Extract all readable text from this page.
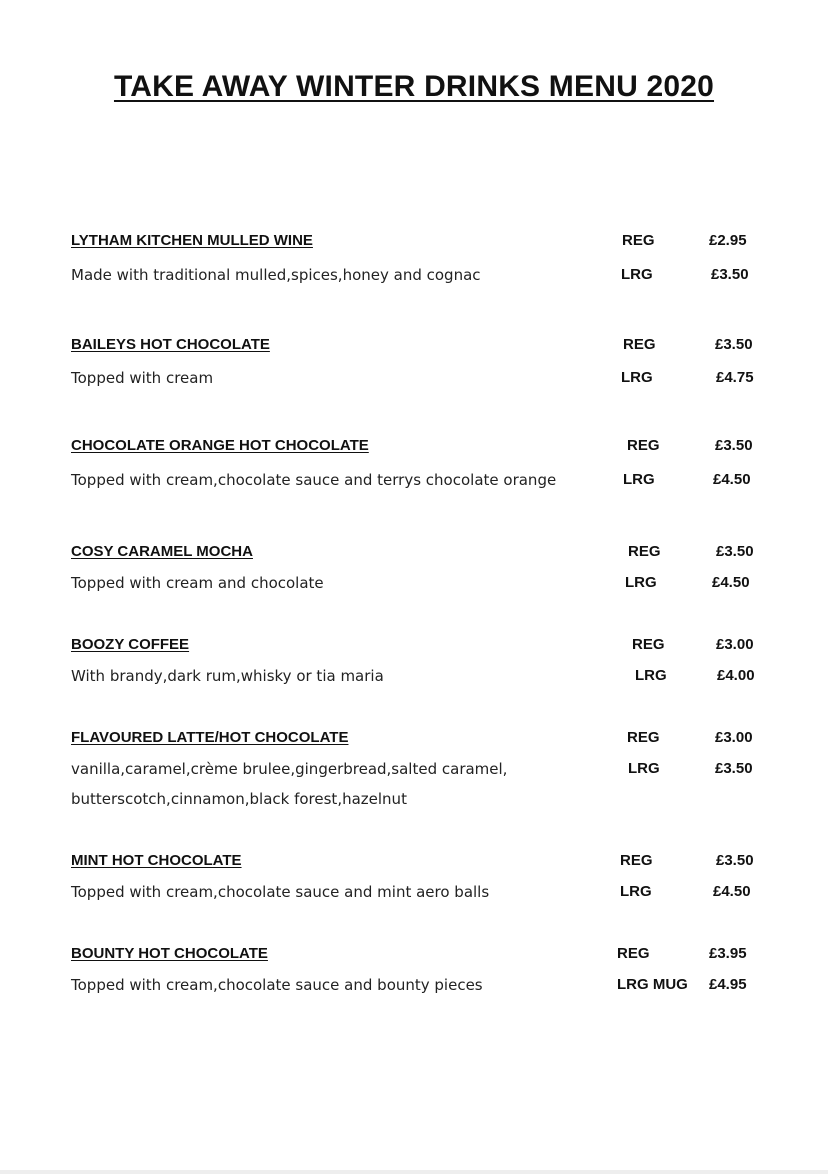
TAKE AWAY WINTER DRINKS MENU 2020
LYTHAM KITCHEN MULLED WINE	REG	£2.95
Made with traditional mulled,spices,honey and cognac	LRG	£3.50
BAILEYS HOT CHOCOLATE	REG	£3.50
Topped with cream	LRG	£4.75
CHOCOLATE ORANGE HOT CHOCOLATE	REG	£3.50
Topped with cream,chocolate sauce and terrys chocolate orange	LRG	£4.50
COSY CARAMEL MOCHA	REG	£3.50
Topped with cream and chocolate	LRG	£4.50
BOOZY COFFEE	REG	£3.00
With brandy,dark rum,whisky or tia maria	LRG	£4.00
FLAVOURED LATTE/HOT CHOCOLATE	REG	£3.00
vanilla,caramel,crème brulee,gingerbread,salted caramel,	LRG	£3.50
butterscotch,cinnamon,black forest,hazelnut
MINT HOT CHOCOLATE	REG	£3.50
Topped with cream,chocolate sauce and mint aero balls	LRG	£4.50
BOUNTY HOT CHOCOLATE	REG	£3.95
Topped with cream,chocolate sauce and bounty pieces	LRG MUG £4.95
